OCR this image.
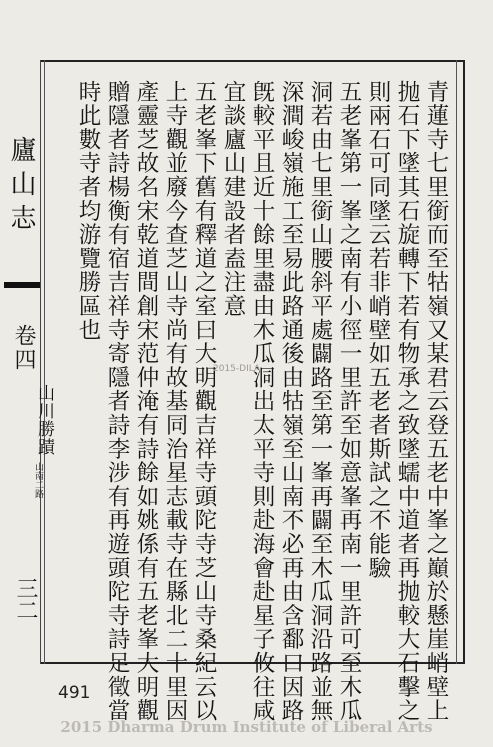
廬山志
卷四
山川勝蹟
山南二路
三二	青蓮寺七里銜而至牯嶺又某君云登五老中峯之巔於懸崖峭壁上
抛石下墜其石旋轉下若有物承之致墜蠕中道者再抛較大石擊之
則兩石可同墜云若非峭壁如五老者斯試之不能驗
五老峯第一峯之南有小徑一里許至如意峯再南一里許可至木瓜
洞若由七里銜山腰斜平處闢路至第一峯再闢至木瓜洞沿路並無
深澗峻嶺施工至易此路通後由牯嶺至山南不必再由含鄱口因路
旣較平且近十餘里盡由木瓜洞出太平寺則赴海會赴星子攸往咸
宜談廬山建設者盍注意
五老峯下舊有釋道之室曰大明觀吉祥寺頭陀寺芝山寺桑紀云以
上寺觀並廢今查芝山寺尚有故基同治星志載寺在縣北二十里因
產靈芝故名宋乾道間創宋范仲淹有詩餘如姚係有五老峯大明觀
贈隱者詩楊衡有宿吉祥寺寄隱者詩李涉有再遊頭陀寺詩足徵當
時此數寺者均游覽勝區也
2015-DILA
491
2015 Dharma Drum Institute of Liberal Arts
